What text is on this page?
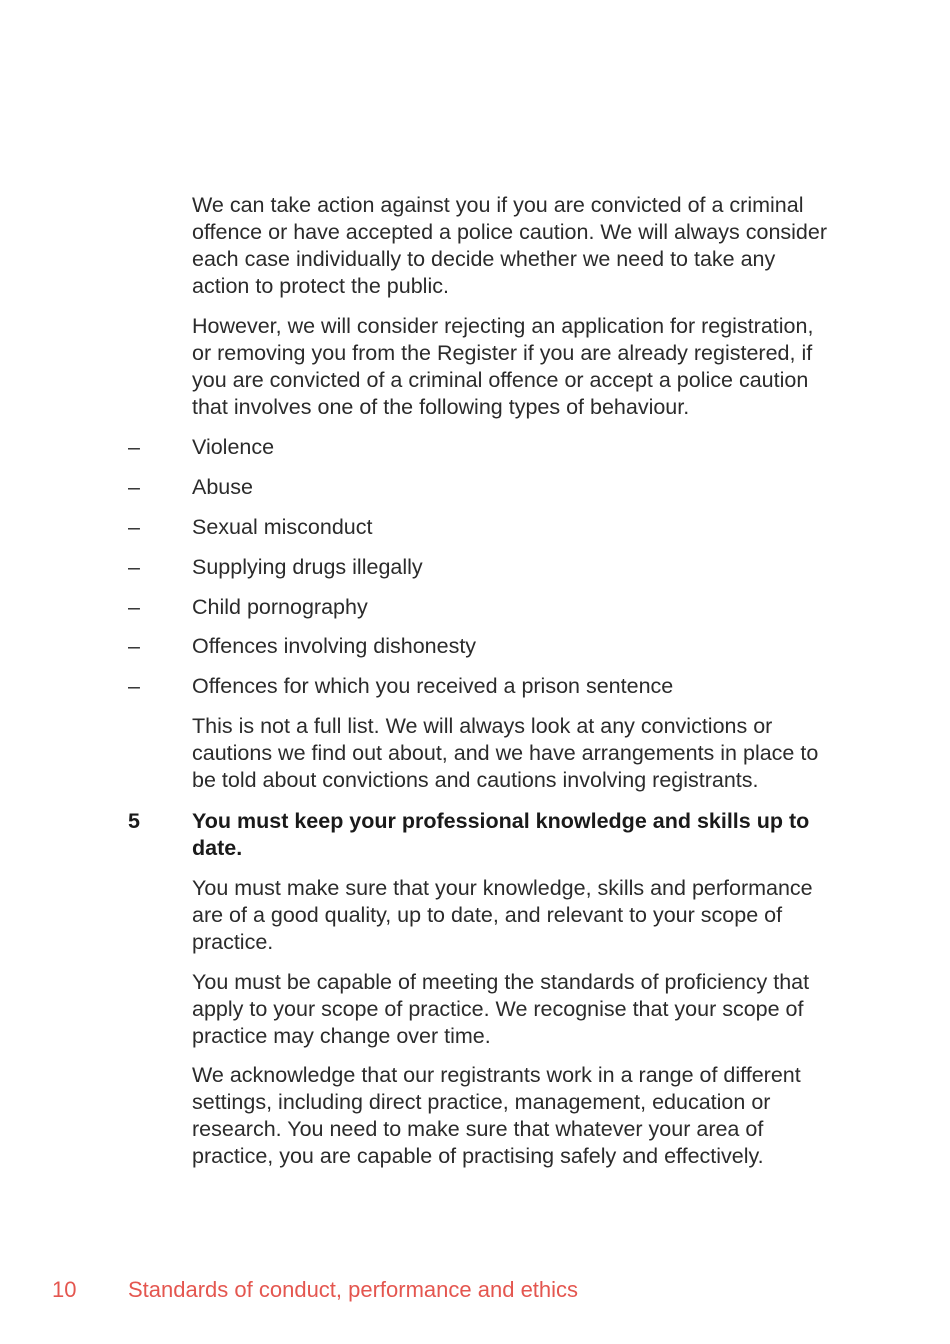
We can take action against you if you are convicted of a criminal offence or have accepted a police caution. We will always consider each case individually to decide whether we need to take any action to protect the public.

However, we will consider rejecting an application for registration, or removing you from the Register if you are already registered, if you are convicted of a criminal offence or accept a police caution that involves one of the following types of behaviour.

–	Violence
–	Abuse
–	Sexual misconduct
–	Supplying drugs illegally
–	Child pornography
–	Offences involving dishonesty
–	Offences for which you received a prison sentence

This is not a full list. We will always look at any convictions or cautions we find out about, and we have arrangements in place to be told about convictions and cautions involving registrants.

5 You must keep your professional knowledge and skills up to date.

You must make sure that your knowledge, skills and performance are of a good quality, up to date, and relevant to your scope of practice.

You must be capable of meeting the standards of proficiency that apply to your scope of practice. We recognise that your scope of practice may change over time.

We acknowledge that our registrants work in a range of different settings, including direct practice, management, education or research. You need to make sure that whatever your area of practice, you are capable of practising safely and effectively.

10 Standards of conduct, performance and ethics
